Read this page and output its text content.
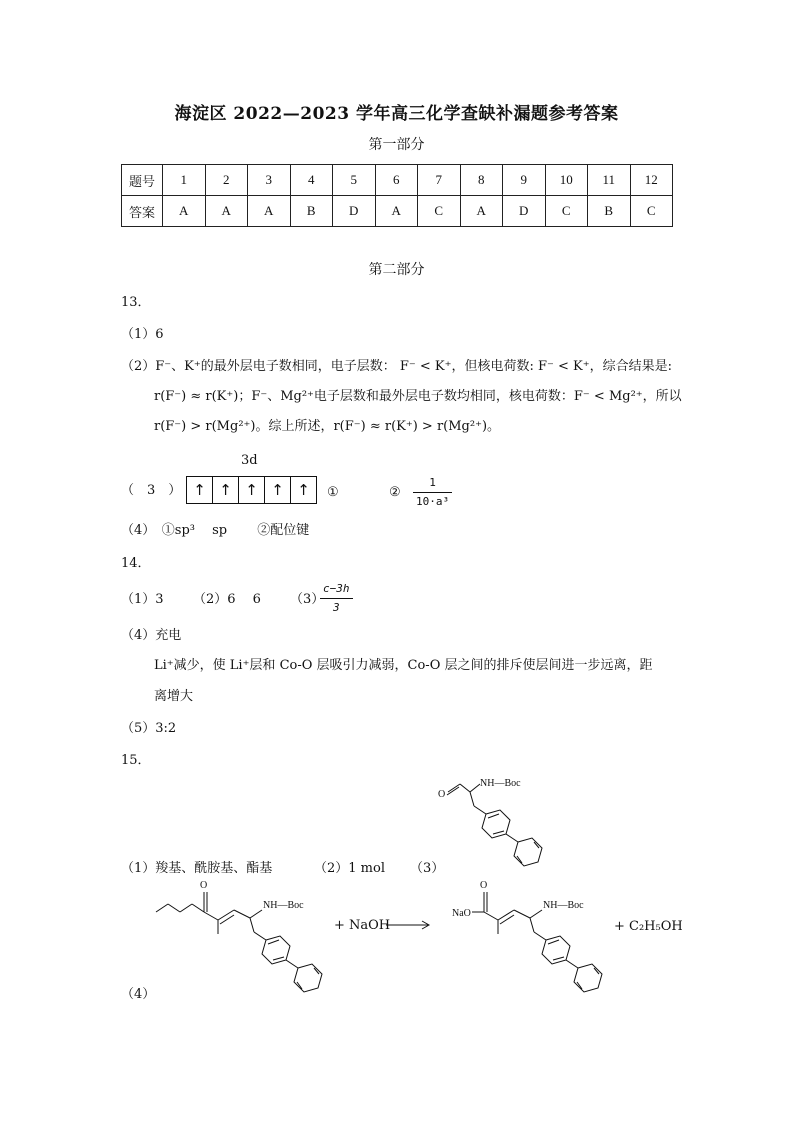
海淀区 2022—2023 学年高三化学查缺补漏题参考答案
第一部分
题号	1	2	3	4	5	6	7	8	9	10	11	12
答案	A	A	A	B	D	A	C	A	D	C	B	C
第二部分
13．
（1）6
（2）F⁻、K⁺的最外层电子数相同，电子层数： F⁻ < K⁺，但核电荷数: F⁻ < K⁺，综合结果是:
r(F⁻) ≈ r(K⁺)；F⁻、Mg²⁺电子层数和最外层电子数均相同，核电荷数：F⁻ < Mg²⁺，所以
r(F⁻) > r(Mg²⁺)。综上所述，r(F⁻) ≈ r(K⁺) > r(Mg²⁺)。
3d
（　3　） ↑ ↑ ↑ ↑ ↑	①	② $\frac{1}{\text{10·a³}}$
（4）　①sp³　 sp　　 ②配位键
14．
（1）3 （2）6　 6 （3）
$\frac{c-3h}{3}$
（4）充电
Li⁺减少，使 Li⁺层和 Co-O 层吸引力减弱，Co-O 层之间的排斥使层间进一步远离，距
离增大
（5）3:2
15．
O
NH—Boc
（1）羧基、酰胺基、酯基	（2）1 mol （3）
O
NH—Boc
+ NaOH
O
NaO
NH—Boc
+ C₂H₅OH
（4）
